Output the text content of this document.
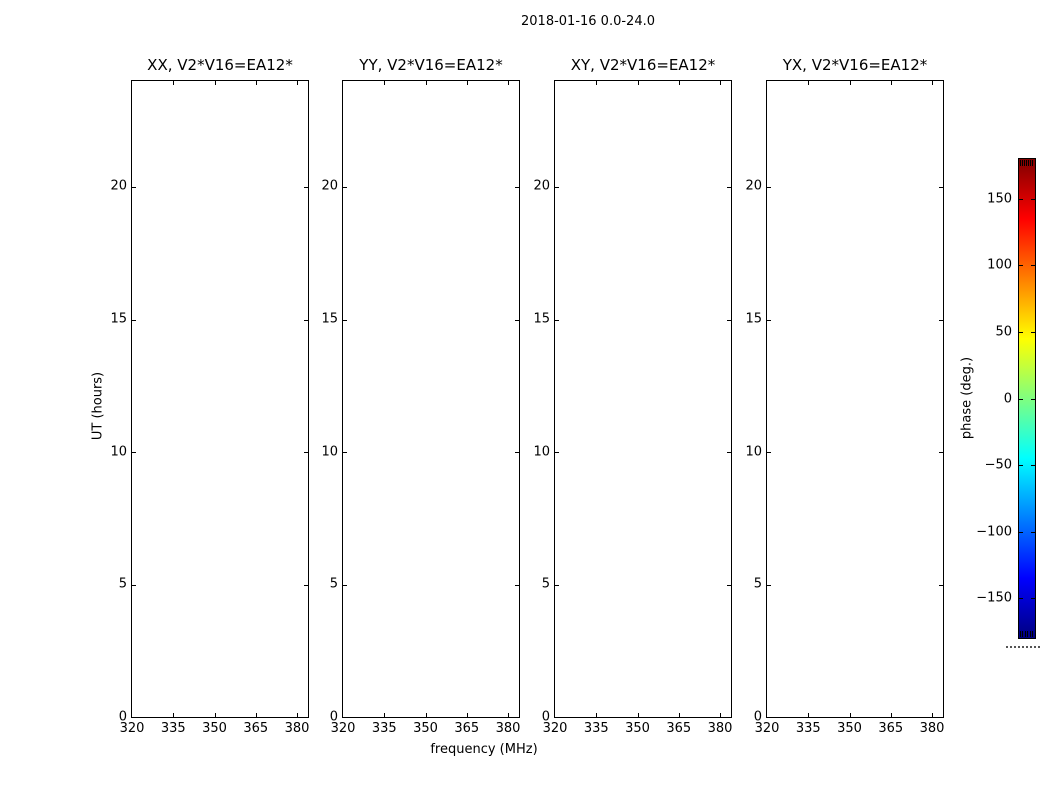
2018-01-16 0.0-24.0
XX, V2*V16=EA12*
320 335 350 365 380
0
5
10
15
20
YY, V2*V16=EA12*
320 335 350 365 380
0
5
10
15
20
XY, V2*V16=EA12*
320 335 350 365 380
0
5
10
15
20
YX, V2*V16=EA12*
320 335 350 365 380
0
5
10
15
20
frequency (MHz)
UT (hours)
150
100
50
0
−50
−100
−150
phase (deg.)
